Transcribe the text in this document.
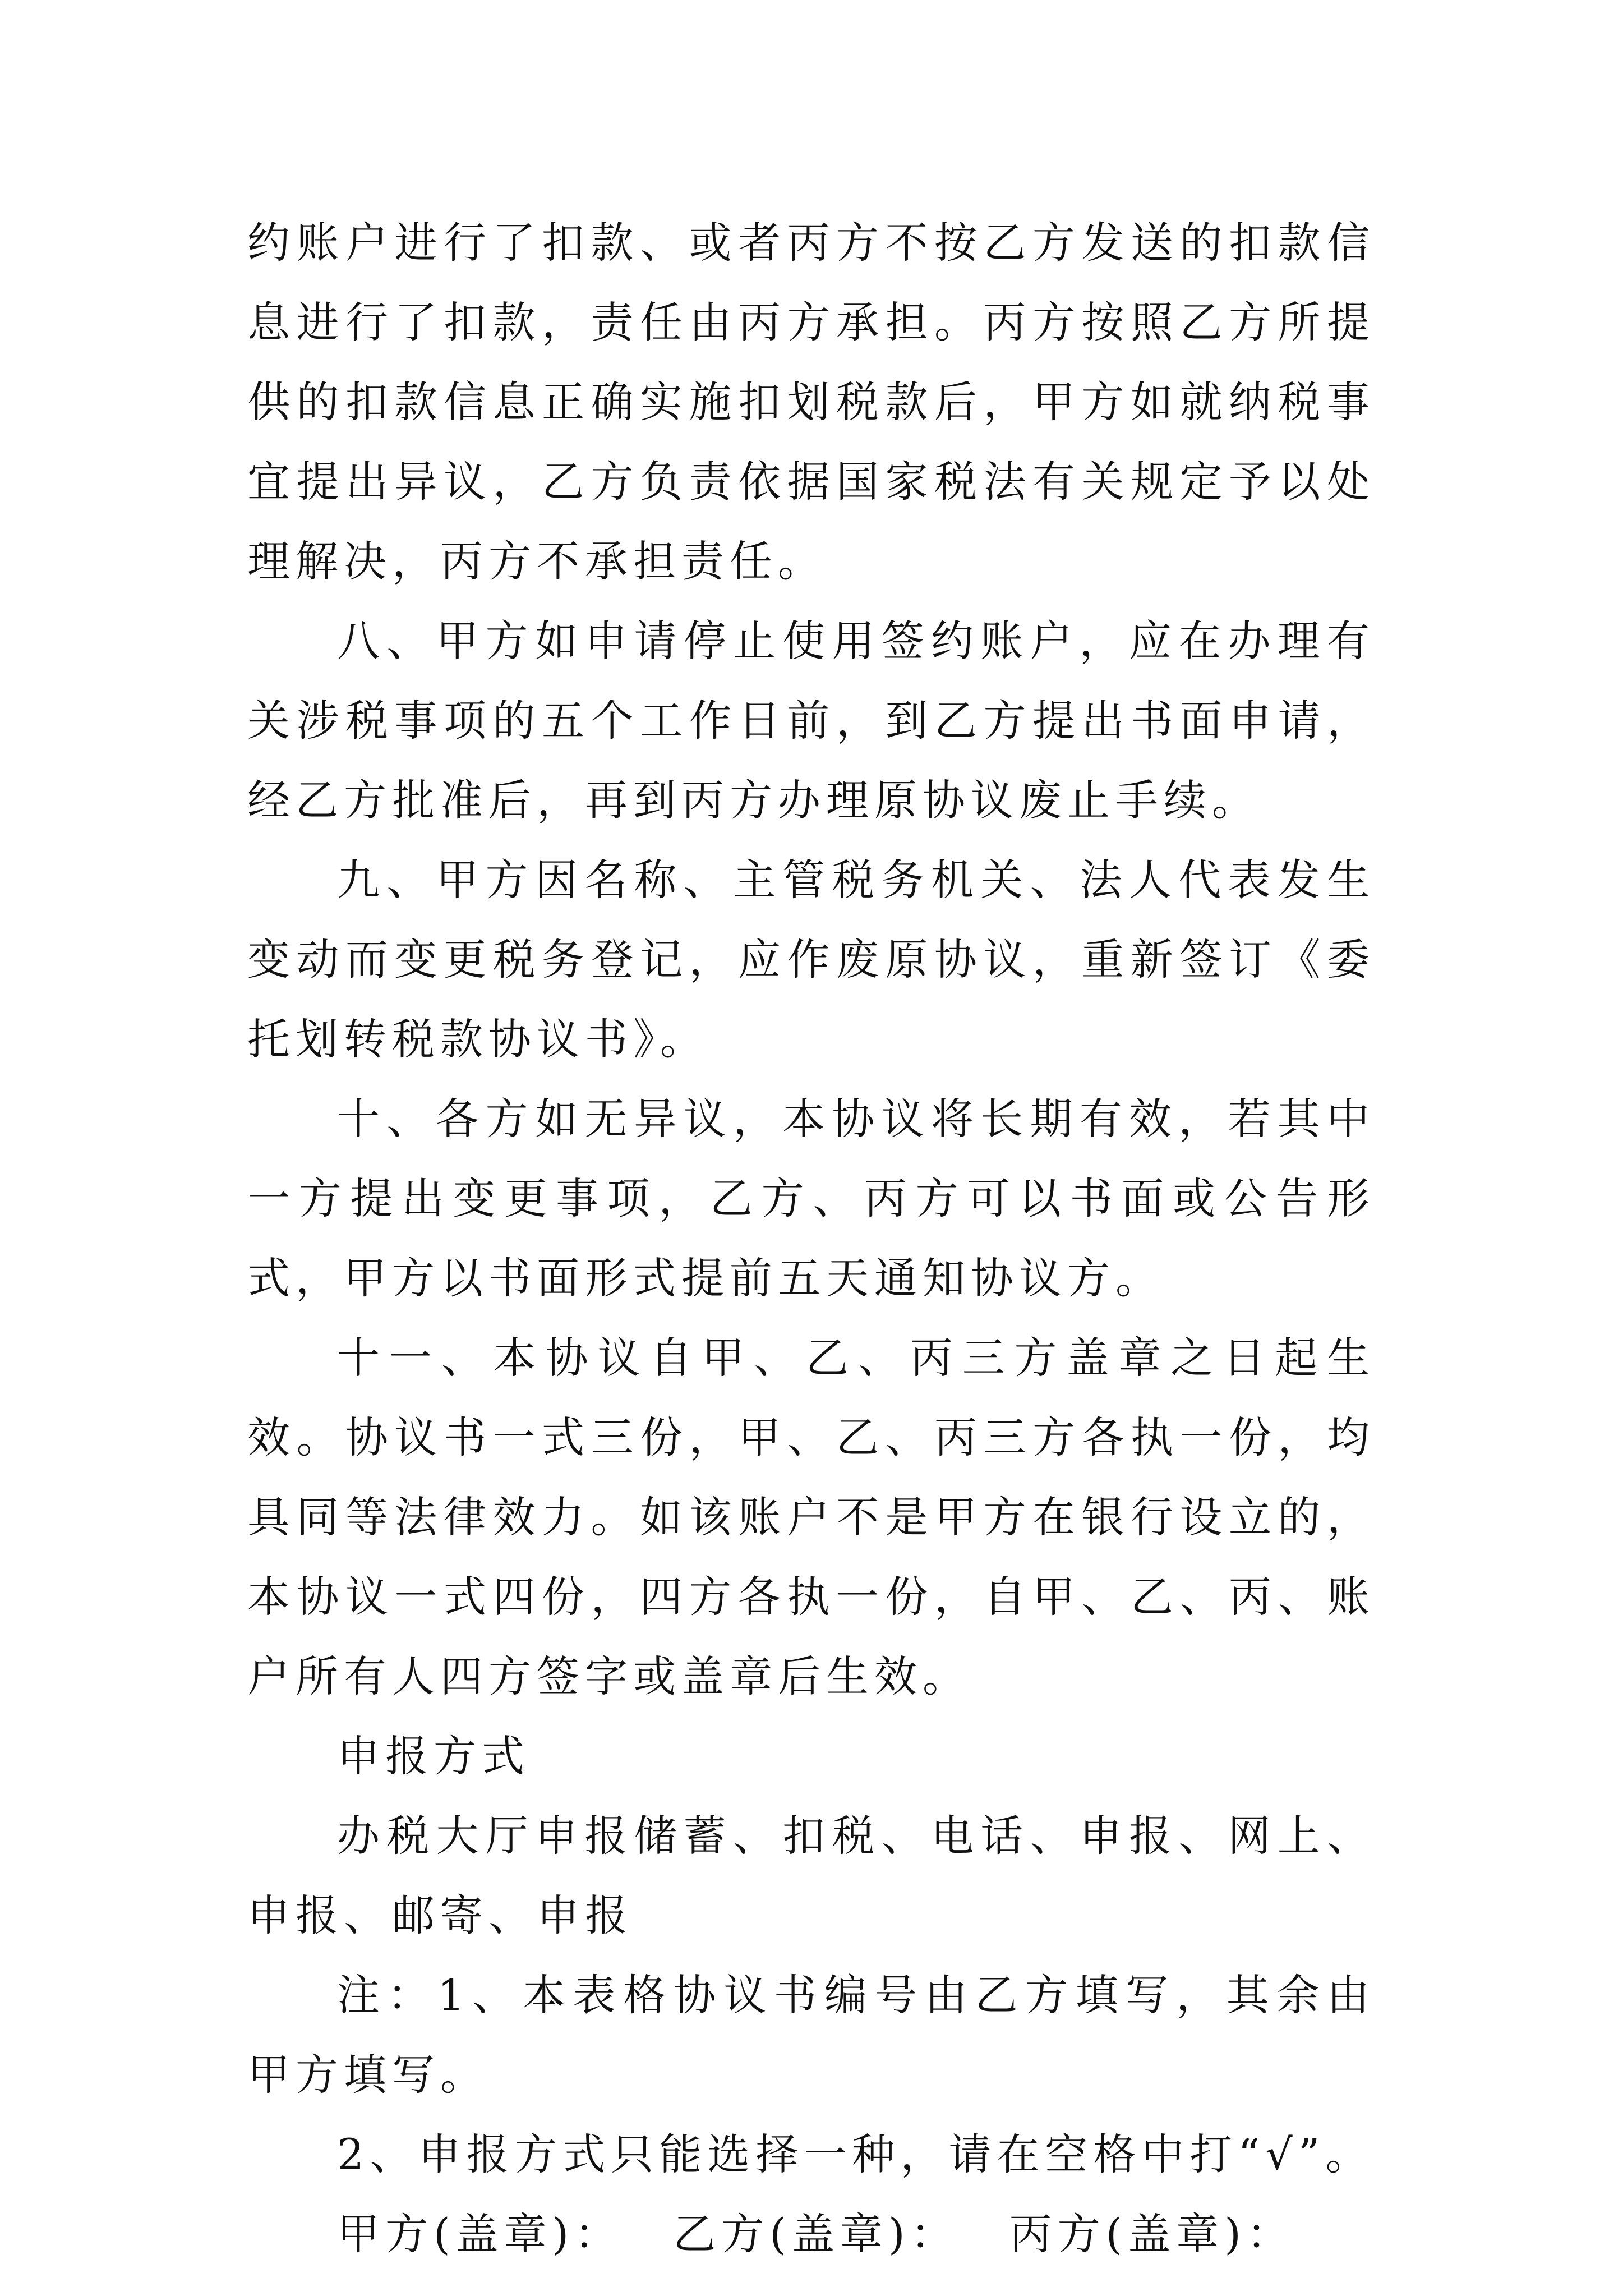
约账户进行了扣款、或者丙方不按乙方发送的扣款信息进行了扣款，责任由丙方承担。丙方按照乙方所提供的扣款信息正确实施扣划税款后，甲方如就纳税事宜提出异议，乙方负责依据国家税法有关规定予以处理解决，丙方不承担责任。

八、甲方如申请停止使用签约账户，应在办理有关涉税事项的五个工作日前，到乙方提出书面申请，经乙方批准后，再到丙方办理原协议废止手续。

九、甲方因名称、主管税务机关、法人代表发生变动而变更税务登记，应作废原协议，重新签订《委托划转税款协议书》。

十、各方如无异议，本协议将长期有效，若其中一方提出变更事项，乙方、丙方可以书面或公告形式，甲方以书面形式提前五天通知协议方。

十一、本协议自甲、乙、丙三方盖章之日起生效。协议书一式三份，甲、乙、丙三方各执一份，均具同等法律效力。如该账户不是甲方在银行设立的，本协议一式四份，四方各执一份，自甲、乙、丙、账户所有人四方签字或盖章后生效。

申报方式

办税大厅申报储蓄、扣税、电话、申报、网上、申报、邮寄、申报

注：1、本表格协议书编号由乙方填写，其余由甲方填写。

2、申报方式只能选择一种，请在空格中打“√”。

甲方(盖章)： 乙方(盖章)： 丙方(盖章)：
